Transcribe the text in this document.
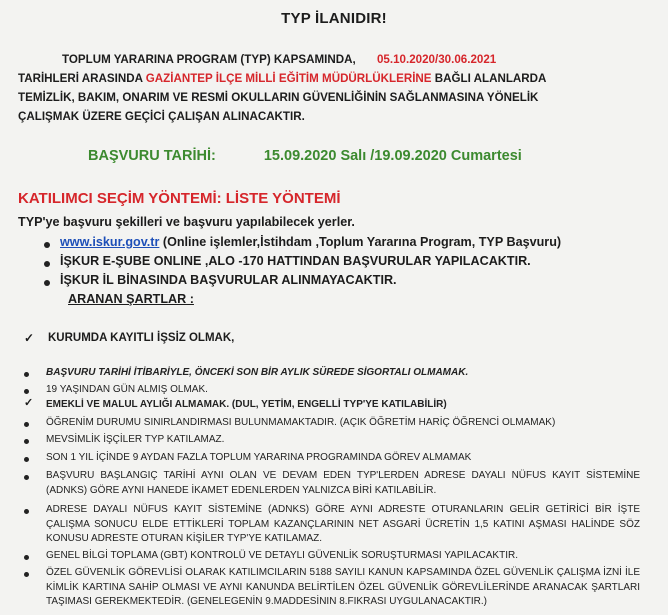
TYP İLANIDIR!
TOPLUM YARARINA PROGRAM (TYP) KAPSAMINDA, 05.10.2020/30.06.2021
TARİHLERİ ARASINDA GAZİANTEP İLÇE MİLLİ EĞİTİM MÜDÜRLÜKLERİNE BAĞLI ALANLARDA
TEMİZLİK, BAKIM, ONARIM VE RESMİ OKULLARIN GÜVENLİĞİNİN SAĞLANMASINA YÖNELİK
ÇALIŞMAK ÜZERE GEÇİCİ ÇALIŞAN ALINACAKTIR.
BAŞVURU TARİHİ:	15.09.2020 Salı /19.09.2020 Cumartesi
KATILIMCI SEÇİM YÖNTEMİ: LİSTE YÖNTEMİ
TYP'ye başvuru şekilleri ve başvuru yapılabilecek yerler.
www.iskur.gov.tr (Online işlemler,İstihdam ,Toplum Yararına Program, TYP Başvuru)
İŞKUR E-ŞUBE ONLINE ,ALO -170 HATTINDAN BAŞVURULAR YAPILACAKTIR.
İŞKUR İL BİNASINDA BAŞVURULAR ALINMAYACAKTIR.
ARANAN ŞARTLAR :
✓ KURUMDA KAYITLI İŞSİZ OLMAK,
BAŞVURU TARİHİ İTİBARİYLE, ÖNCEKİ SON BİR AYLIK SÜREDE SİGORTALI OLMAMAK.
19 YAŞINDAN GÜN ALMIŞ OLMAK.
✓ EMEKLİ VE MALUL AYLIĞI ALMAMAK. (DUL, YETİM, ENGELLİ TYP'YE KATILABİLİR)
ÖĞRENİM DURUMU SINIRLANDIRMASI BULUNMAMAKTADIR. (AÇIK ÖĞRETİM HARİÇ ÖĞRENCİ OLMAMAK)
MEVSİMLİK İŞÇİLER TYP KATILAMAZ.
SON 1 YIL İÇİNDE 9 AYDAN FAZLA TOPLUM YARARINA PROGRAMINDA GÖREV ALMAMAK
BAŞVURU BAŞLANGIÇ TARİHİ AYNI OLAN VE DEVAM EDEN TYP'LERDEN ADRESE DAYALI NÜFUS KAYIT SİSTEMİNE (ADNKS) GÖRE AYNI HANEDE İKAMET EDENLERDEN YALNIZCA BİRİ KATILABİLİR.
ADRESE DAYALI NÜFUS KAYIT SİSTEMİNE (ADNKS) GÖRE AYNI ADRESTE OTURANLARIN GELİR GETİRİCİ BİR İŞTE ÇALIŞMA SONUCU ELDE ETTİKLERİ TOPLAM KAZANÇLARININ NET ASGARİ ÜCRETİN 1,5 KATINI AŞMASI HALİNDE SÖZ KONUSU ADRESTE OTURAN KİŞİLER TYP'YE KATILAMAZ.
GENEL BİLGİ TOPLAMA (GBT) KONTROLÜ VE DETAYLI GÜVENLİK SORUŞTURMASI YAPILACAKTIR.
ÖZEL GÜVENLİK GÖREVLİSİ OLARAK KATILIMCILARIN 5188 SAYILI KANUN KAPSAMINDA ÖZEL GÜVENLİK ÇALIŞMA İZNİ İLE KİMLİK KARTINA SAHİP OLMASI VE AYNI KANUNDA BELİRTİLEN ÖZEL GÜVENLİK GÖREVLİLERİNDE ARANACAK ŞARTLARI TAŞIMASI GEREKMEKTEDİR. (GENELEGENİN 9.MADDESİNIN 8.FIKRASI UYGULANACAKTIR.)
